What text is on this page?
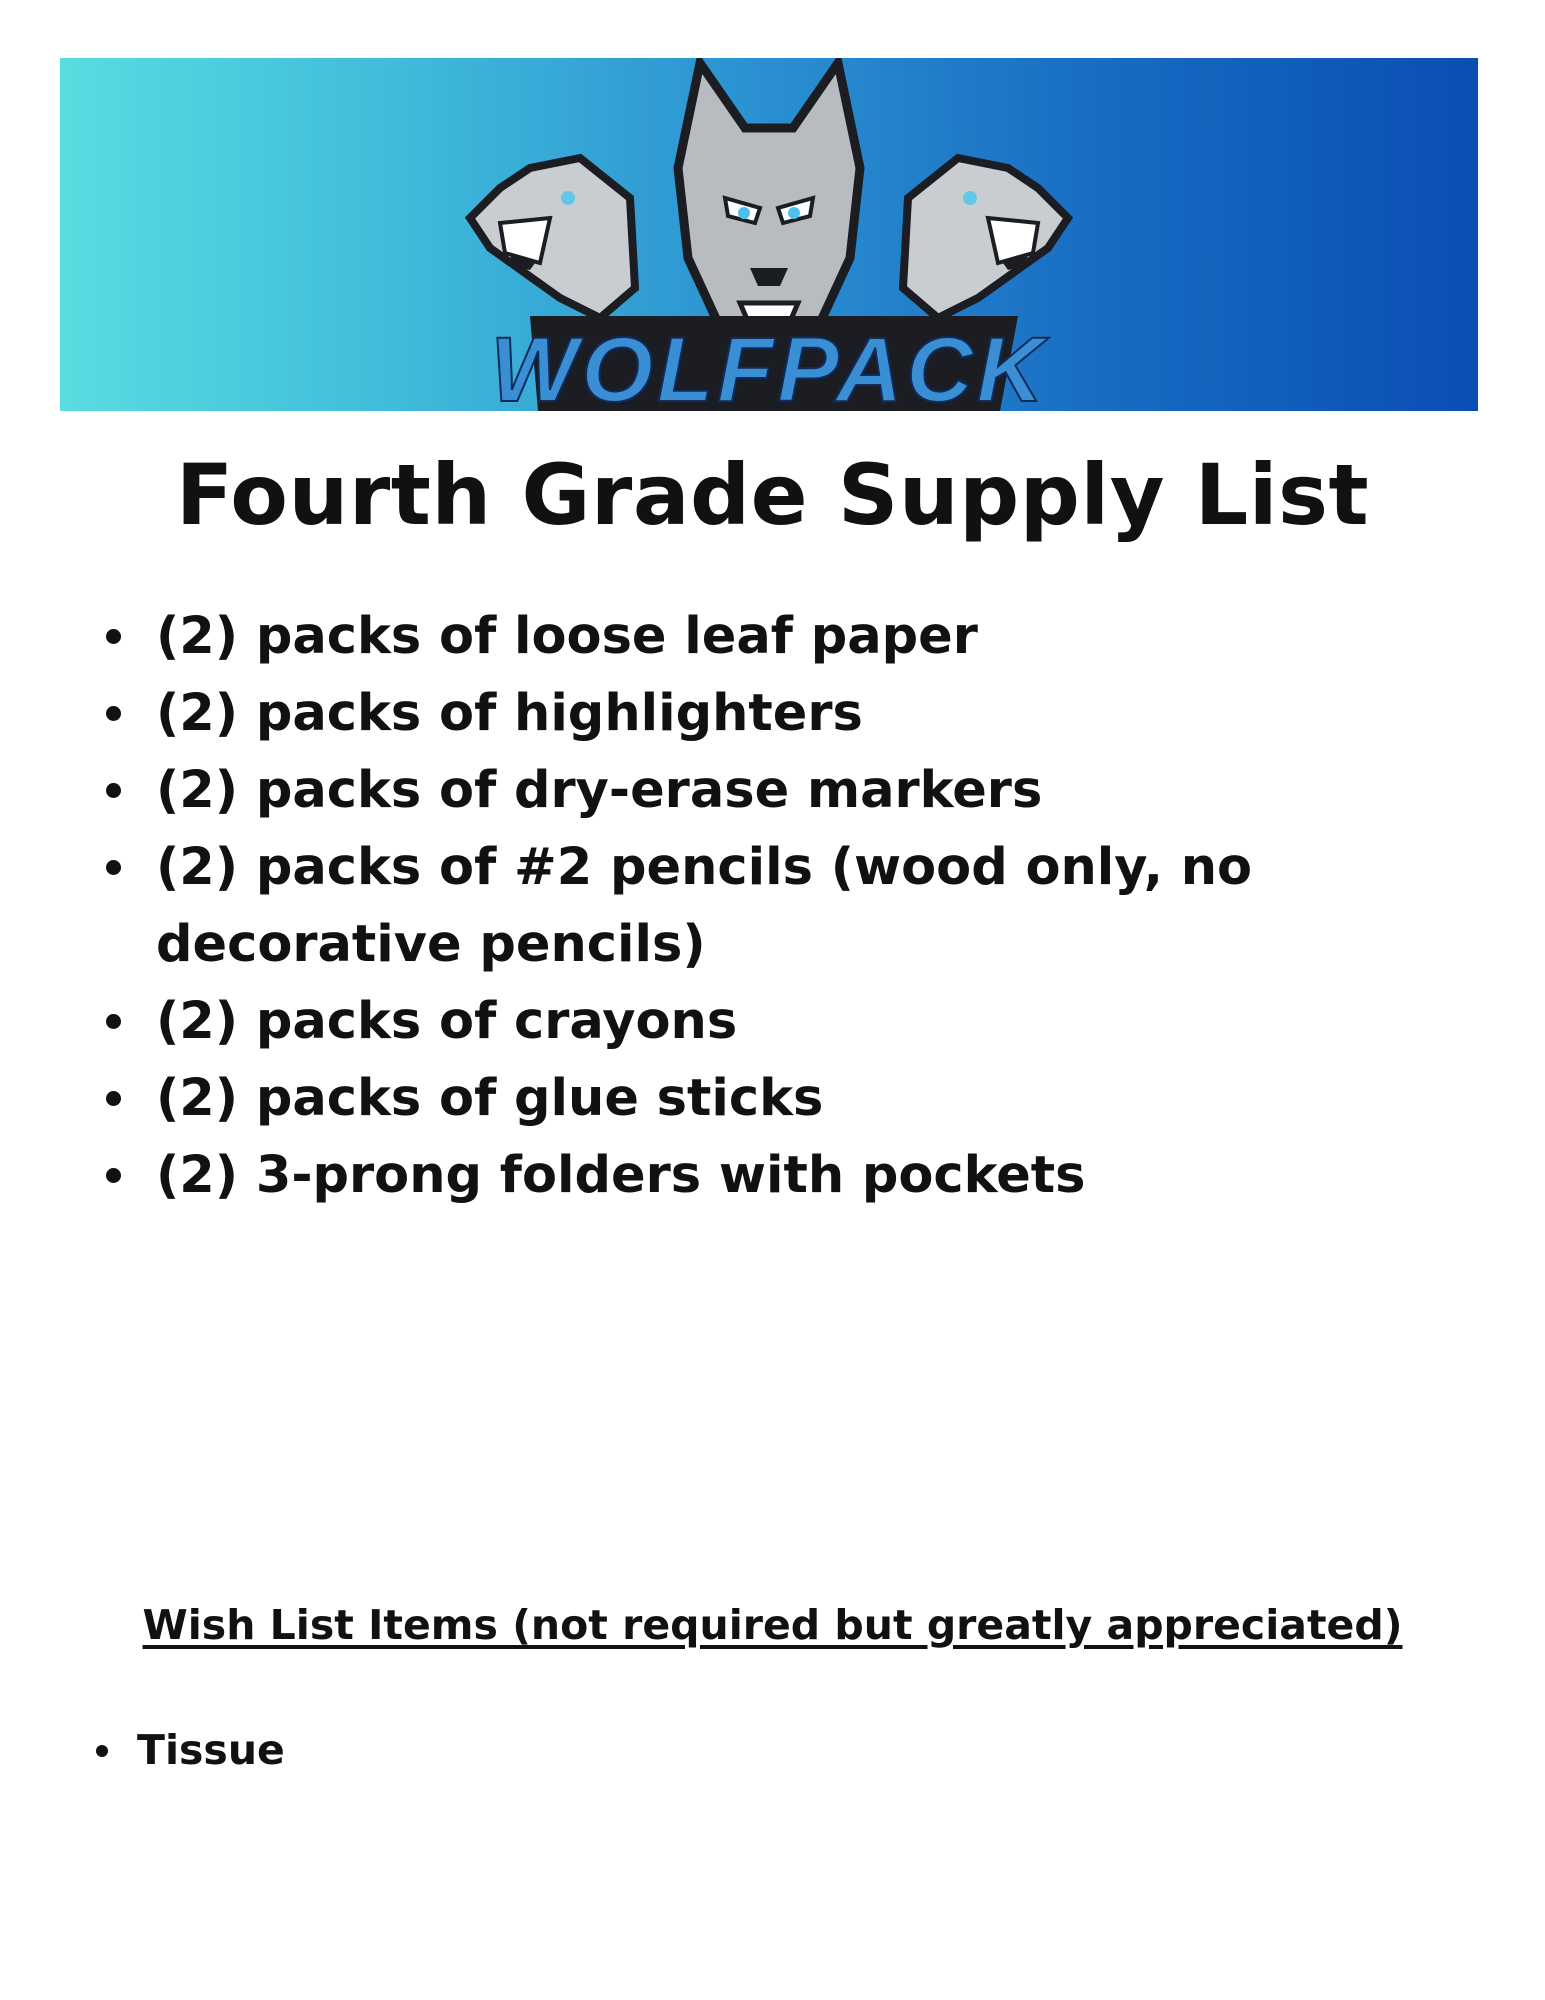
WOLFPACK
Fourth Grade Supply List
(2) packs of loose leaf paper
(2) packs of highlighters
(2) packs of dry-erase markers
(2) packs of #2 pencils (wood only, no decorative pencils)
(2) packs of crayons
(2) packs of glue sticks
(2) 3-prong folders with pockets
Wish List Items (not required but greatly appreciated)
Tissue
